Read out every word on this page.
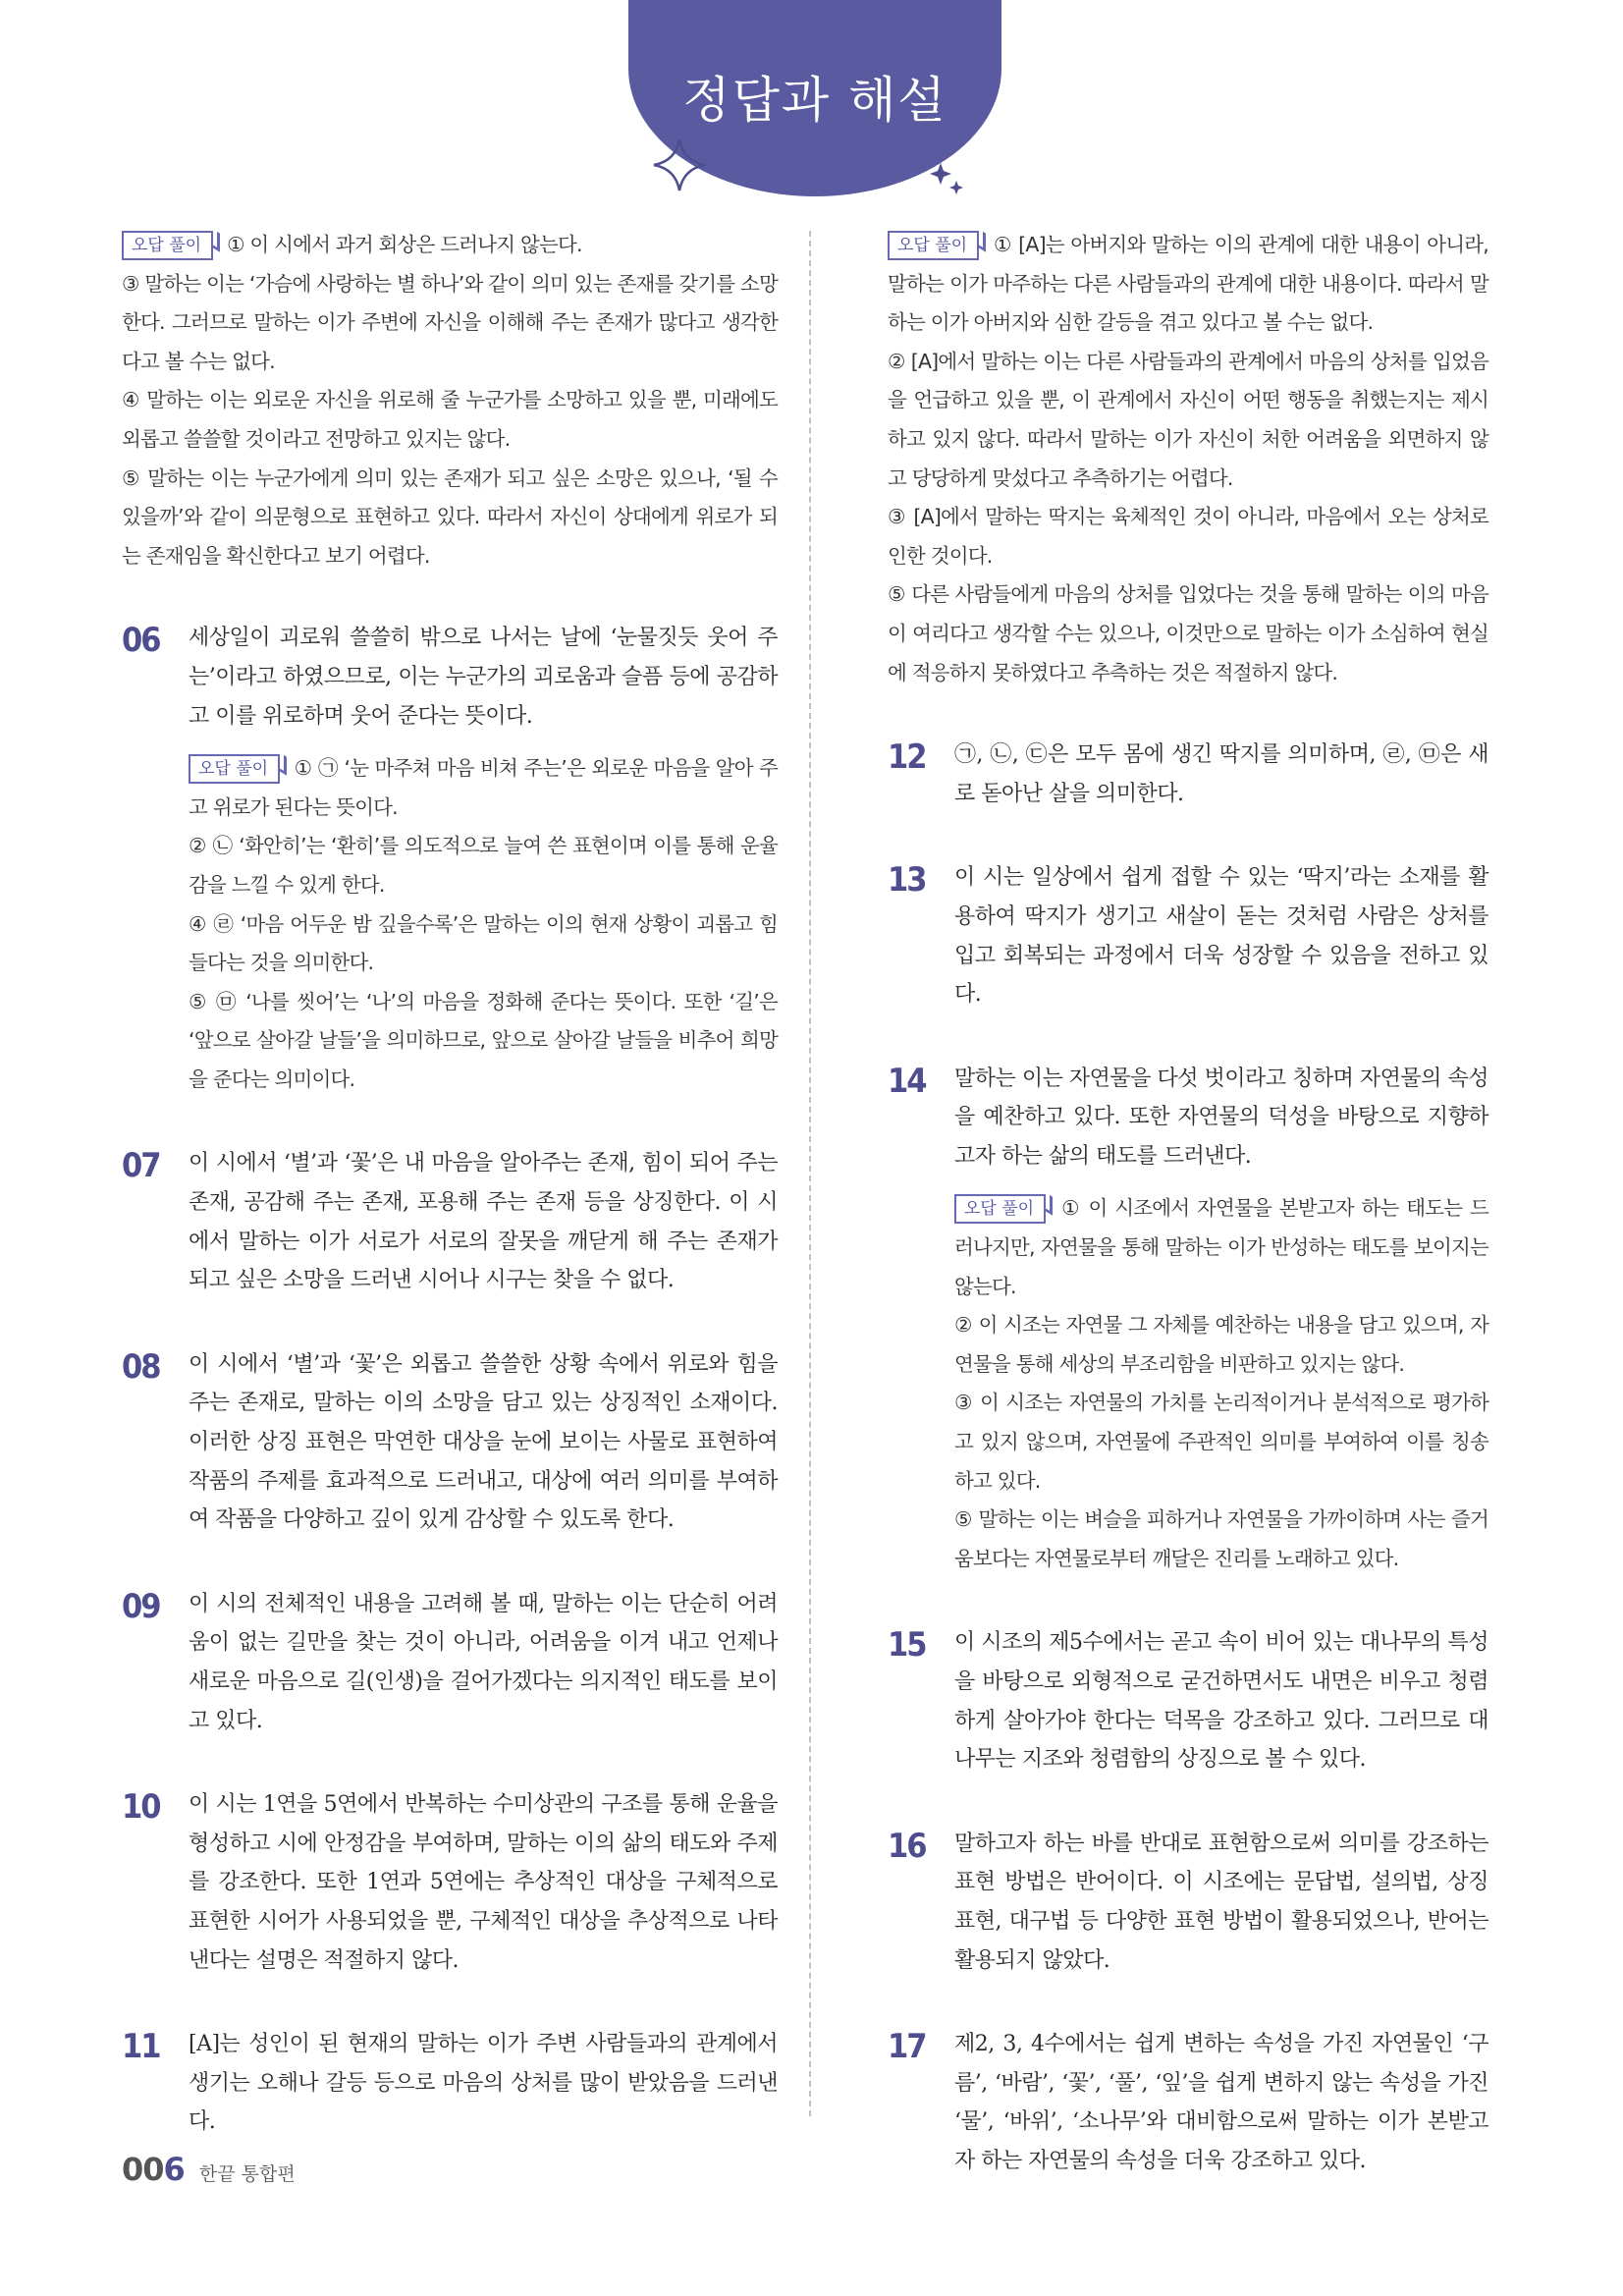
정답과 해설

오답 풀이 ① 이 시에서 과거 회상은 드러나지 않는다.

③ 말하는 이는 ‘가슴에 사랑하는 별 하나’와 같이 의미 있는 존재를 갖기를 소망한다. 그러므로 말하는 이가 주변에 자신을 이해해 주는 존재가 많다고 생각한다고 볼 수는 없다.

④ 말하는 이는 외로운 자신을 위로해 줄 누군가를 소망하고 있을 뿐, 미래에도 외롭고 쓸쓸할 것이라고 전망하고 있지는 않다.

⑤ 말하는 이는 누군가에게 의미 있는 존재가 되고 싶은 소망은 있으나, ‘될 수 있을까’와 같이 의문형으로 표현하고 있다. 따라서 자신이 상대에게 위로가 되는 존재임을 확신한다고 보기 어렵다.

06 세상일이 괴로워 쓸쓸히 밖으로 나서는 날에 ‘눈물짓듯 웃어 주는’이라고 하였으므로, 이는 누군가의 괴로움과 슬픔 등에 공감하고 이를 위로하며 웃어 준다는 뜻이다.

오답 풀이 ① ㉠ ‘눈 마주쳐 마음 비쳐 주는’은 외로운 마음을 알아 주고 위로가 된다는 뜻이다.

② ㉡ ‘화안히’는 ‘환히’를 의도적으로 늘여 쓴 표현이며 이를 통해 운율감을 느낄 수 있게 한다.

④ ㉣ ‘마음 어두운 밤 깊을수록’은 말하는 이의 현재 상황이 괴롭고 힘들다는 것을 의미한다.

⑤ ㉤ ‘나를 씻어’는 ‘나’의 마음을 정화해 준다는 뜻이다. 또한 ‘길’은 ‘앞으로 살아갈 날들’을 의미하므로, 앞으로 살아갈 날들을 비추어 희망을 준다는 의미이다.

07 이 시에서 ‘별’과 ‘꽃’은 내 마음을 알아주는 존재, 힘이 되어 주는 존재, 공감해 주는 존재, 포용해 주는 존재 등을 상징한다. 이 시에서 말하는 이가 서로가 서로의 잘못을 깨닫게 해 주는 존재가 되고 싶은 소망을 드러낸 시어나 시구는 찾을 수 없다.
08 이 시에서 ‘별’과 ‘꽃’은 외롭고 쓸쓸한 상황 속에서 위로와 힘을 주는 존재로, 말하는 이의 소망을 담고 있는 상징적인 소재이다. 이러한 상징 표현은 막연한 대상을 눈에 보이는 사물로 표현하여 작품의 주제를 효과적으로 드러내고, 대상에 여러 의미를 부여하여 작품을 다양하고 깊이 있게 감상할 수 있도록 한다.
09 이 시의 전체적인 내용을 고려해 볼 때, 말하는 이는 단순히 어려움이 없는 길만을 찾는 것이 아니라, 어려움을 이겨 내고 언제나 새로운 마음으로 길(인생)을 걸어가겠다는 의지적인 태도를 보이고 있다.
10 이 시는 1연을 5연에서 반복하는 수미상관의 구조를 통해 운율을 형성하고 시에 안정감을 부여하며, 말하는 이의 삶의 태도와 주제를 강조한다. 또한 1연과 5연에는 추상적인 대상을 구체적으로 표현한 시어가 사용되었을 뿐, 구체적인 대상을 추상적으로 나타낸다는 설명은 적절하지 않다.
11 [A]는 성인이 된 현재의 말하는 이가 주변 사람들과의 관계에서 생기는 오해나 갈등 등으로 마음의 상처를 많이 받았음을 드러낸다.

오답 풀이 ① [A]는 아버지와 말하는 이의 관계에 대한 내용이 아니라, 말하는 이가 마주하는 다른 사람들과의 관계에 대한 내용이다. 따라서 말하는 이가 아버지와 심한 갈등을 겪고 있다고 볼 수는 없다.

② [A]에서 말하는 이는 다른 사람들과의 관계에서 마음의 상처를 입었음을 언급하고 있을 뿐, 이 관계에서 자신이 어떤 행동을 취했는지는 제시하고 있지 않다. 따라서 말하는 이가 자신이 처한 어려움을 외면하지 않고 당당하게 맞섰다고 추측하기는 어렵다.

③ [A]에서 말하는 딱지는 육체적인 것이 아니라, 마음에서 오는 상처로 인한 것이다.

⑤ 다른 사람들에게 마음의 상처를 입었다는 것을 통해 말하는 이의 마음이 여리다고 생각할 수는 있으나, 이것만으로 말하는 이가 소심하여 현실에 적응하지 못하였다고 추측하는 것은 적절하지 않다.

12 ㉠, ㉡, ㉢은 모두 몸에 생긴 딱지를 의미하며, ㉣, ㉤은 새로 돋아난 살을 의미한다.
13 이 시는 일상에서 쉽게 접할 수 있는 ‘딱지’라는 소재를 활용하여 딱지가 생기고 새살이 돋는 것처럼 사람은 상처를 입고 회복되는 과정에서 더욱 성장할 수 있음을 전하고 있다.
14 말하는 이는 자연물을 다섯 벗이라고 칭하며 자연물의 속성을 예찬하고 있다. 또한 자연물의 덕성을 바탕으로 지향하고자 하는 삶의 태도를 드러낸다.

오답 풀이 ① 이 시조에서 자연물을 본받고자 하는 태도는 드러나지만, 자연물을 통해 말하는 이가 반성하는 태도를 보이지는 않는다.

② 이 시조는 자연물 그 자체를 예찬하는 내용을 담고 있으며, 자연물을 통해 세상의 부조리함을 비판하고 있지는 않다.

③ 이 시조는 자연물의 가치를 논리적이거나 분석적으로 평가하고 있지 않으며, 자연물에 주관적인 의미를 부여하여 이를 칭송하고 있다.

⑤ 말하는 이는 벼슬을 피하거나 자연물을 가까이하며 사는 즐거움보다는 자연물로부터 깨달은 진리를 노래하고 있다.

15 이 시조의 제5수에서는 곧고 속이 비어 있는 대나무의 특성을 바탕으로 외형적으로 굳건하면서도 내면은 비우고 청렴하게 살아가야 한다는 덕목을 강조하고 있다. 그러므로 대나무는 지조와 청렴함의 상징으로 볼 수 있다.
16 말하고자 하는 바를 반대로 표현함으로써 의미를 강조하는 표현 방법은 반어이다. 이 시조에는 문답법, 설의법, 상징 표현, 대구법 등 다양한 표현 방법이 활용되었으나, 반어는 활용되지 않았다.
17 제2, 3, 4수에서는 쉽게 변하는 속성을 가진 자연물인 ‘구름’, ‘바람’, ‘꽃’, ‘풀’, ‘잎’을 쉽게 변하지 않는 속성을 가진 ‘물’, ‘바위’, ‘소나무’와 대비함으로써 말하는 이가 본받고자 하는 자연물의 속성을 더욱 강조하고 있다.
006 한끝 통합편
